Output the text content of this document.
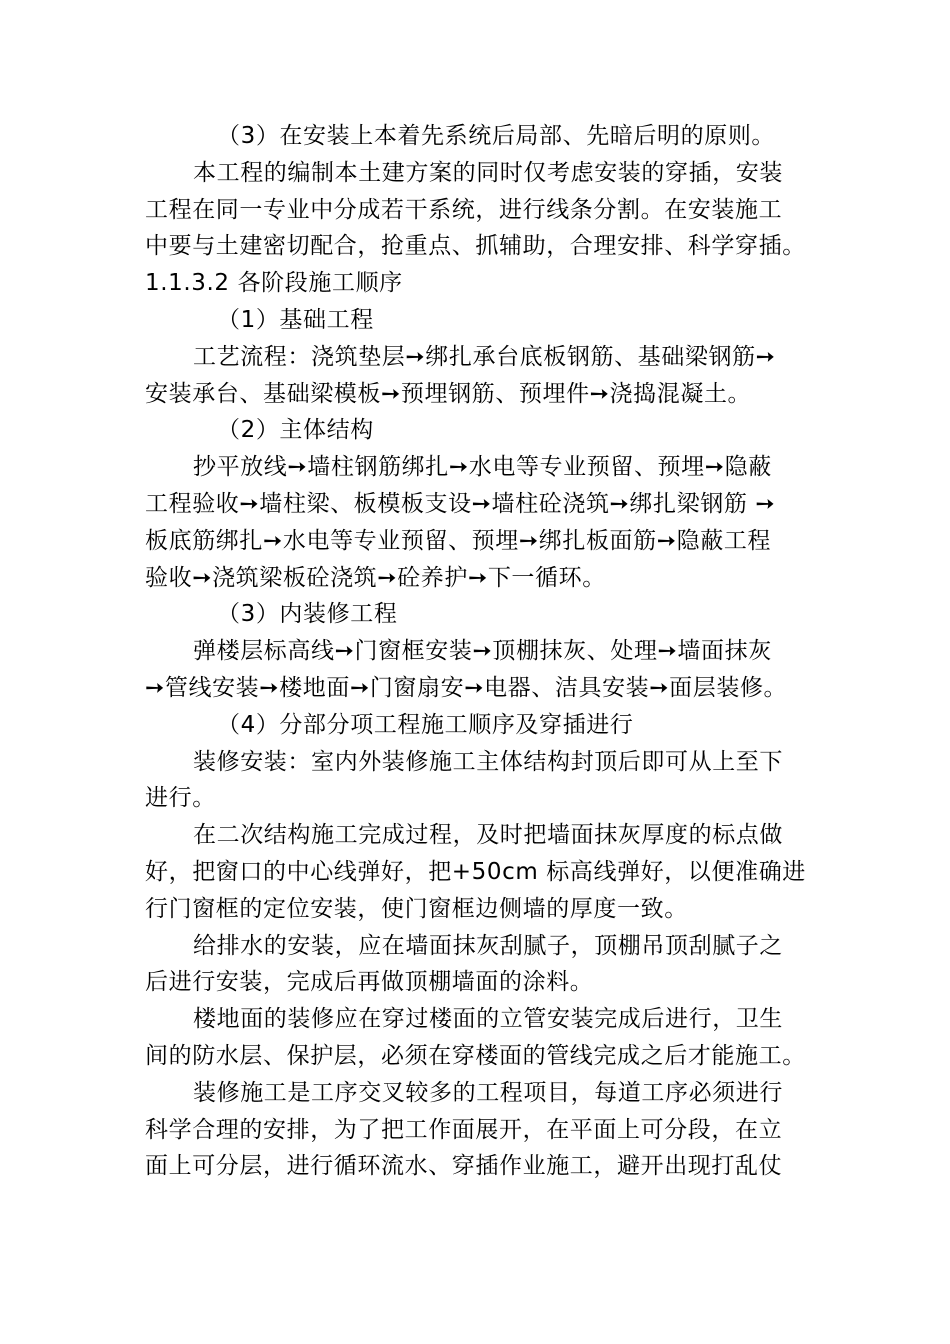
（3）在安装上本着先系统后局部、先暗后明的原则。
本工程的编制本土建方案的同时仅考虑安装的穿插，安装
工程在同一专业中分成若干系统，进行线条分割。在安装施工
中要与土建密切配合，抢重点、抓辅助，合理安排、科学穿插。
1.1.3.2 各阶段施工顺序
（1）基础工程
工艺流程：浇筑垫层➙绑扎承台底板钢筋、基础梁钢筋➙
安装承台、基础梁模板➙预埋钢筋、预埋件➙浇捣混凝土。
（2）主体结构
抄平放线➙墙柱钢筋绑扎➙水电等专业预留、预埋➙隐蔽
工程验收➙墙柱梁、板模板支设➙墙柱砼浇筑➙绑扎梁钢筋 ➙
板底筋绑扎➙水电等专业预留、预埋➙绑扎板面筋➙隐蔽工程
验收➙浇筑梁板砼浇筑➙砼养护➙下一循环。
（3）内装修工程
弹楼层标高线➙门窗框安装➙顶棚抹灰、处理➙墙面抹灰
➙管线安装➙楼地面➙门窗扇安➙电器、洁具安装➙面层装修。
（4）分部分项工程施工顺序及穿插进行
装修安装：室内外装修施工主体结构封顶后即可从上至下
进行。
在二次结构施工完成过程，及时把墙面抹灰厚度的标点做
好，把窗口的中心线弹好，把+50cm 标高线弹好，以便准确进
行门窗框的定位安装，使门窗框边侧墙的厚度一致。
给排水的安装，应在墙面抹灰刮腻子，顶棚吊顶刮腻子之
后进行安装，完成后再做顶棚墙面的涂料。
楼地面的装修应在穿过楼面的立管安装完成后进行，卫生
间的防水层、保护层，必须在穿楼面的管线完成之后才能施工。
装修施工是工序交叉较多的工程项目，每道工序必须进行
科学合理的安排，为了把工作面展开，在平面上可分段，在立
面上可分层，进行循环流水、穿插作业施工，避开出现打乱仗
